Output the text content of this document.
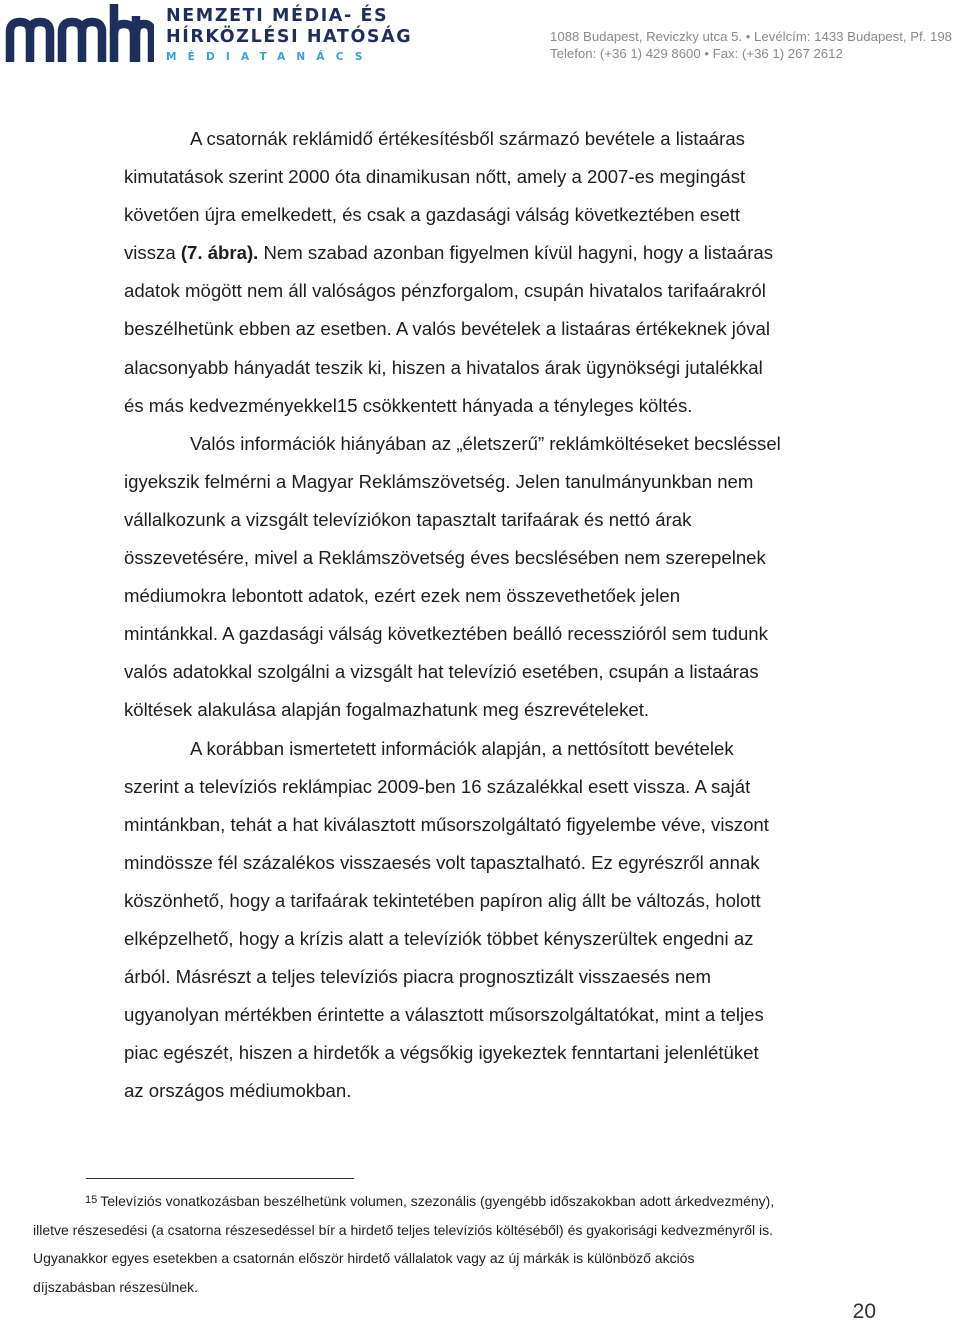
NEMZETI MÉDIA- ÉS
HÍRKÖZLÉSI HATÓSÁG
MÉDIATANÁCS
1088 Budapest, Reviczky utca 5. • Levélcím: 1433 Budapest, Pf. 198
Telefon: (+36 1) 429 8600 • Fax: (+36 1) 267 2612
A csatornák reklámidő értékesítésből származó bevétele a listaáras
kimutatások szerint 2000 óta dinamikusan nőtt, amely a 2007-es megingást
követően újra emelkedett, és csak a gazdasági válság következtében esett
vissza (7. ábra). Nem szabad azonban figyelmen kívül hagyni, hogy a listaáras
adatok mögött nem áll valóságos pénzforgalom, csupán hivatalos tarifaárakról
beszélhetünk ebben az esetben. A valós bevételek a listaáras értékeknek jóval
alacsonyabb hányadát teszik ki, hiszen a hivatalos árak ügynökségi jutalékkal
és más kedvezményekkel15 csökkentett hányada a tényleges költés.
Valós információk hiányában az „életszerű” reklámköltéseket becsléssel
igyekszik felmérni a Magyar Reklámszövetség. Jelen tanulmányunkban nem
vállalkozunk a vizsgált televíziókon tapasztalt tarifaárak és nettó árak
összevetésére, mivel a Reklámszövetség éves becslésében nem szerepelnek
médiumokra lebontott adatok, ezért ezek nem összevethetőek jelen
mintánkkal. A gazdasági válság következtében beálló recesszióról sem tudunk
valós adatokkal szolgálni a vizsgált hat televízió esetében, csupán a listaáras
költések alakulása alapján fogalmazhatunk meg észrevételeket.
A korábban ismertetett információk alapján, a nettósított bevételek
szerint a televíziós reklámpiac 2009-ben 16 százalékkal esett vissza. A saját
mintánkban, tehát a hat kiválasztott műsorszolgáltató figyelembe véve, viszont
mindössze fél százalékos visszaesés volt tapasztalható. Ez egyrészről annak
köszönhető, hogy a tarifaárak tekintetében papíron alig állt be változás, holott
elképzelhető, hogy a krízis alatt a televíziók többet kényszerültek engedni az
árból. Másrészt a teljes televíziós piacra prognosztizált visszaesés nem
ugyanolyan mértékben érintette a választott műsorszolgáltatókat, mint a teljes
piac egészét, hiszen a hirdetők a végsőkig igyekeztek fenntartani jelenlétüket
az országos médiumokban.
$^{15}$ Televíziós vonatkozásban beszélhetünk volumen, szezonális (gyengébb időszakokban adott árkedvezmény),
illetve részesedési (a csatorna részesedéssel bír a hirdető teljes televíziós költéséből) és gyakorisági kedvezményről is.
Ugyanakkor egyes esetekben a csatornán először hirdető vállalatok vagy az új márkák is különböző akciós
díjszabásban részesülnek.
20
